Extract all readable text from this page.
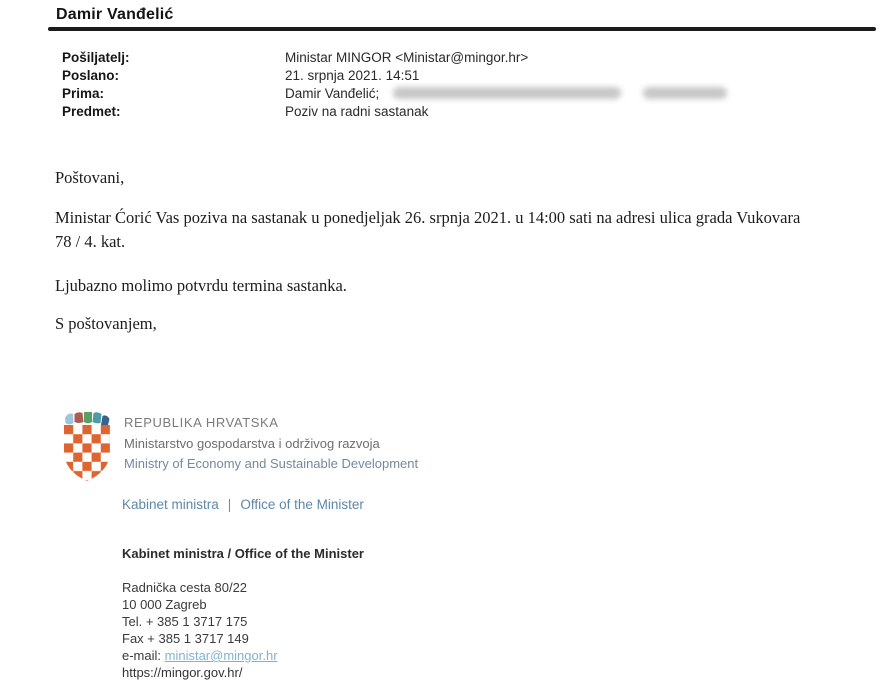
Damir Vanđelić
Pošiljatelj:	Ministar MINGOR <Ministar@mingor.hr>
Poslano:	21. srpnja 2021. 14:51
Prima:	Damir Vanđelić;
Predmet:	Poziv na radni sastanak
Poštovani,
Ministar Ćorić Vas poziva na sastanak u ponedjeljak 26. srpnja 2021. u 14:00 sati na adresi ulica grada Vukovara 78 / 4. kat.
Ljubazno molimo potvrdu termina sastanka.
S poštovanjem,
REPUBLIKA HRVATSKA
Ministarstvo gospodarstva i održivog razvoja
Ministry of Economy and Sustainable Development
Kabinet ministra | Office of the Minister
Kabinet ministra / Office of the Minister
Radnička cesta 80/22
10 000 Zagreb
Tel. + 385 1 3717 175
Fax + 385 1 3717 149
e-mail: ministar@mingor.hr
https://mingor.gov.hr/
